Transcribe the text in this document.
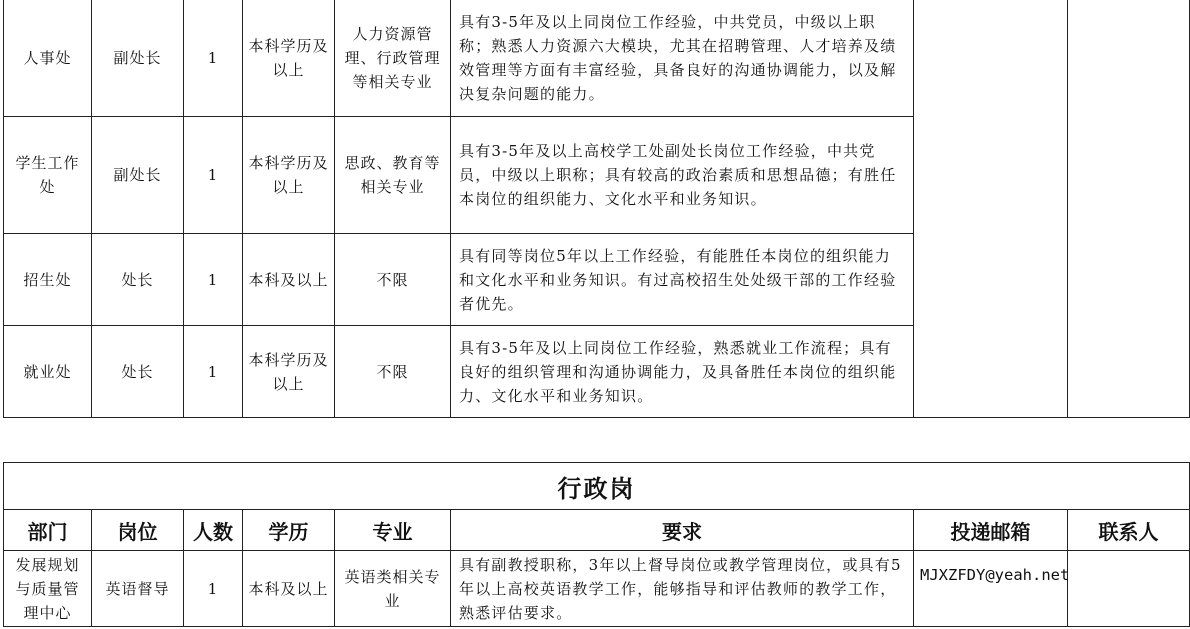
人事处	副处长	1	本科学历及以上	人力资源管理、行政管理等相关专业	具有3-5年及以上同岗位工作经验，中共党员，中级以上职称；熟悉人力资源六大模块，尤其在招聘管理、人才培养及绩效管理等方面有丰富经验，具备良好的沟通协调能力，以及解决复杂问题的能力。		
学生工作处	副处长	1	本科学历及以上	思政、教育等相关专业	具有3-5年及以上高校学工处副处长岗位工作经验，中共党员，中级以上职称；具有较高的政治素质和思想品德；有胜任本岗位的组织能力、文化水平和业务知识。		
招生处	处长	1	本科及以上	不限	具有同等岗位5年以上工作经验，有能胜任本岗位的组织能力和文化水平和业务知识。有过高校招生处处级干部的工作经验者优先。		
就业处	处长	1	本科学历及以上	不限	具有3-5年及以上同岗位工作经验，熟悉就业工作流程；具有良好的组织管理和沟通协调能力，及具备胜任本岗位的组织能力、文化水平和业务知识。		
行政岗							
部门	岗位	人数	学历	专业	要求	投递邮箱	联系人
发展规划与质量管理中心	英语督导	1	本科及以上	英语类相关专业	具有副教授职称，3年以上督导岗位或教学管理岗位，或具有5年以上高校英语教学工作，能够指导和评估教师的教学工作，熟悉评估要求。	MJXZFDY@yeah.net	
